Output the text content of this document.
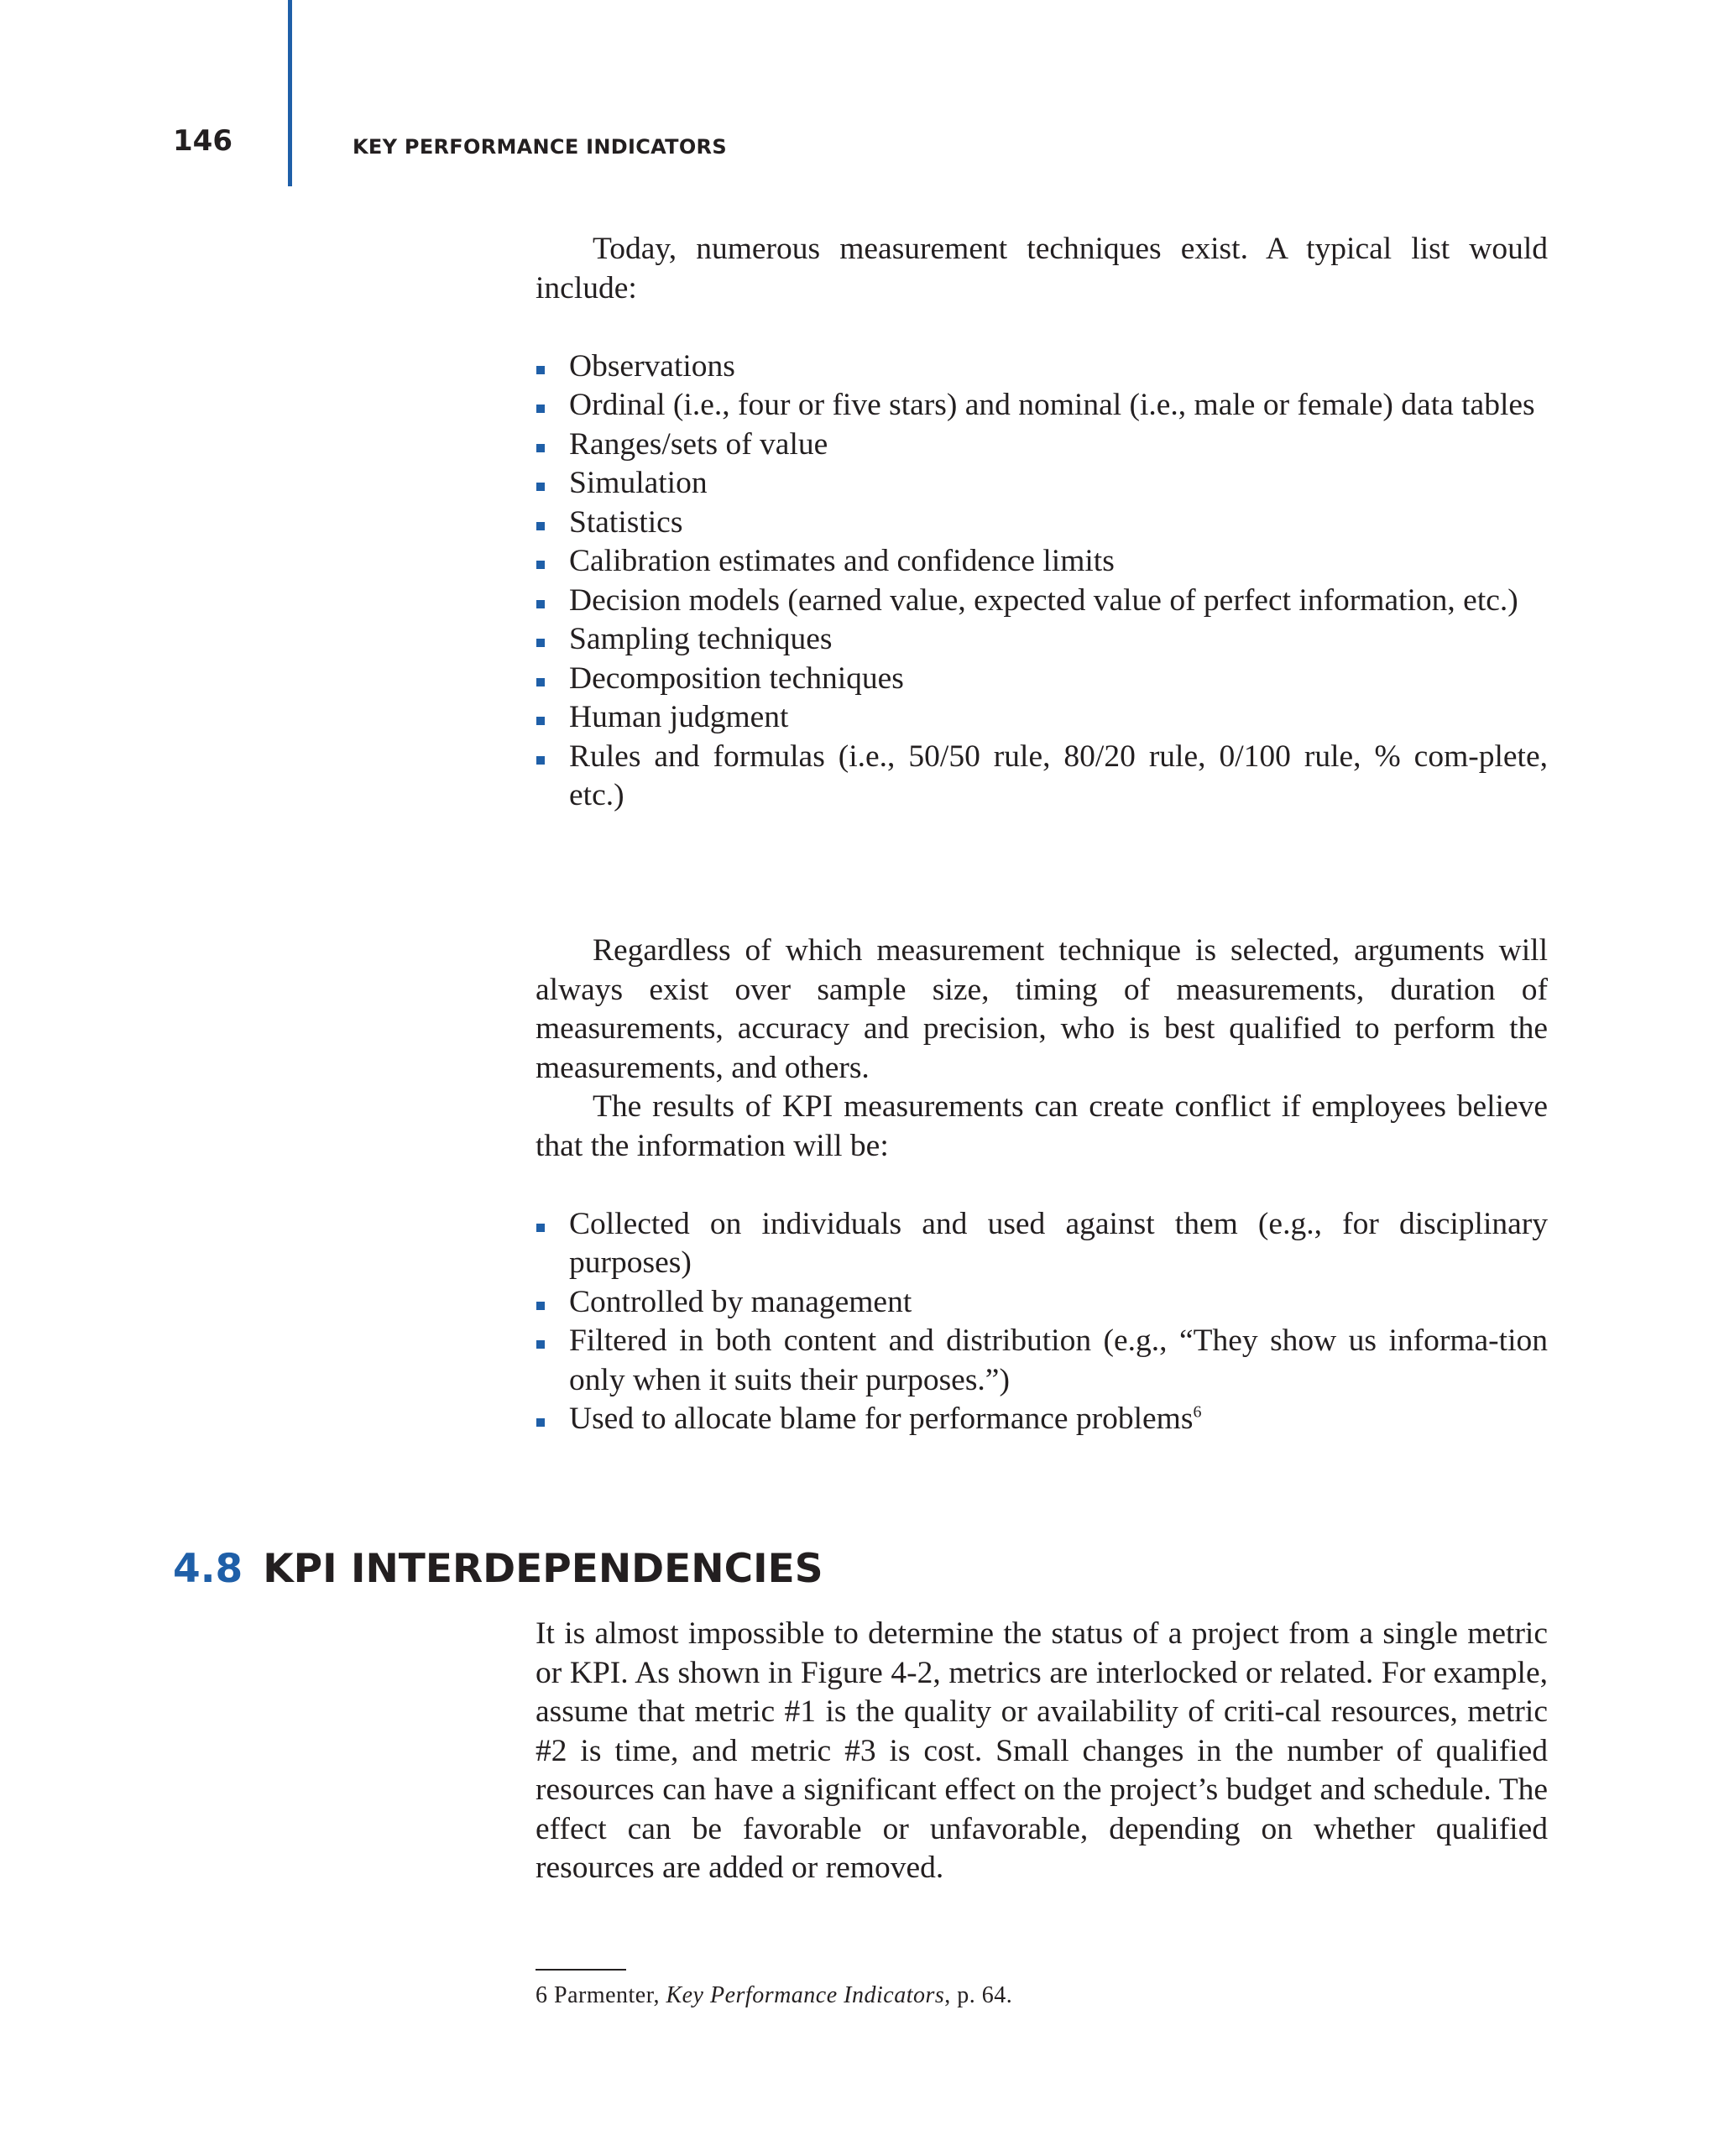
146	KEY PERFORMANCE INDICATORS

Today, numerous measurement techniques exist. A typical list would include:

Observations
Ordinal (i.e., four or five stars) and nominal (i.e., male or female) data tables
Ranges/sets of value
Simulation
Statistics
Calibration estimates and confidence limits
Decision models (earned value, expected value of perfect information, etc.)
Sampling techniques
Decomposition techniques
Human judgment
Rules and formulas (i.e., 50/50 rule, 80/20 rule, 0/100 rule, % com-plete, etc.)

Regardless of which measurement technique is selected, arguments will always exist over sample size, timing of measurements, duration of measurements, accuracy and precision, who is best qualified to perform the measurements, and others.

The results of KPI measurements can create conflict if employees believe that the information will be:

Collected on individuals and used against them (e.g., for disciplinary purposes)
Controlled by management
Filtered in both content and distribution (e.g., “They show us informa-tion only when it suits their purposes.”)
Used to allocate blame for performance problems$^6$
4.8 KPI INTERDEPENDENCIES

It is almost impossible to determine the status of a project from a single metric or KPI. As shown in Figure 4-2, metrics are interlocked or related. For example, assume that metric #1 is the quality or availability of criti-cal resources, metric #2 is time, and metric #3 is cost. Small changes in the number of qualified resources can have a significant effect on the project’s budget and schedule. The effect can be favorable or unfavorable, depending on whether qualified resources are added or removed.

6 Parmenter, Key Performance Indicators, p. 64.
